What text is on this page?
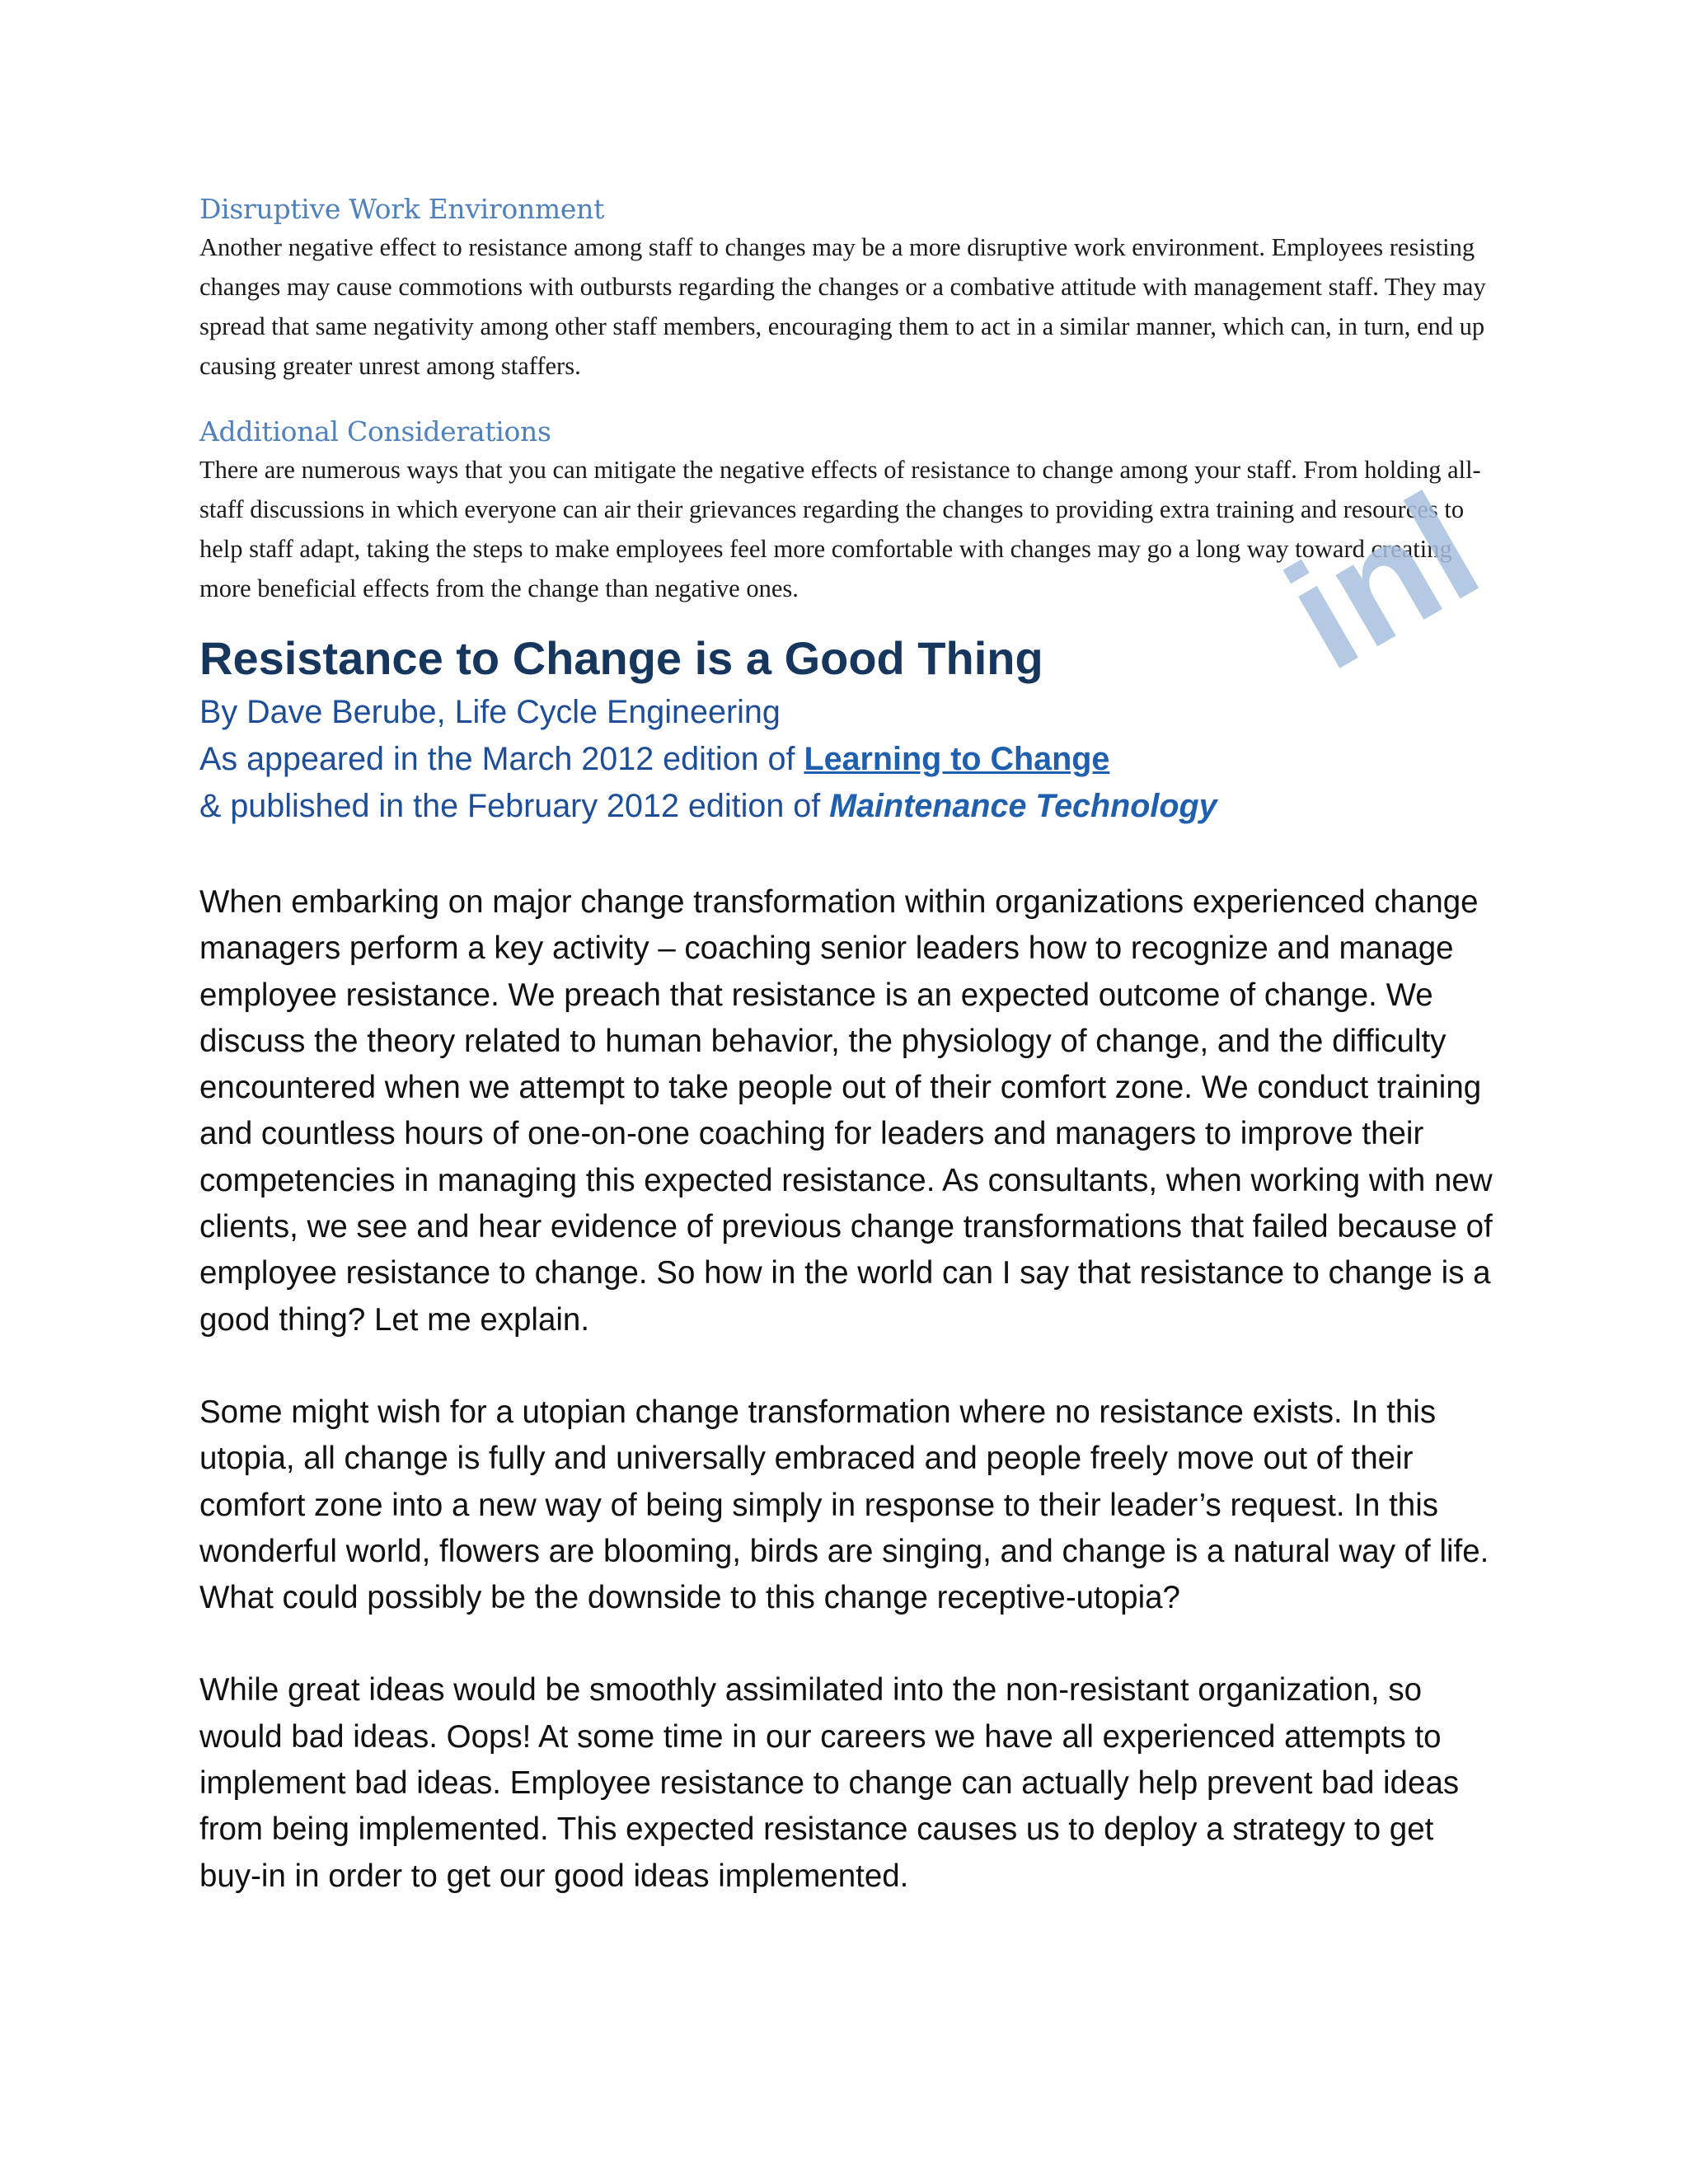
Disruptive Work Environment

Another negative effect to resistance among staff to changes may be a more disruptive work environment. Employees resisting changes may cause commotions with outbursts regarding the changes or a combative attitude with management staff. They may spread that same negativity among other staff members, encouraging them to act in a similar manner, which can, in turn, end up causing greater unrest among staffers.

Additional Considerations

There are numerous ways that you can mitigate the negative effects of resistance to change among your staff. From holding all-staff discussions in which everyone can air their grievances regarding the changes to providing extra training and resources to help staff adapt, taking the steps to make employees feel more comfortable with changes may go a long way toward creating more beneficial effects from the change than negative ones.

Resistance to Change is a Good Thing

By Dave Berube, Life Cycle Engineering

As appeared in the March 2012 edition of Learning to Change

& published in the February 2012 edition of Maintenance Technology

When embarking on major change transformation within organizations experienced change managers perform a key activity – coaching senior leaders how to recognize and manage employee resistance. We preach that resistance is an expected outcome of change. We discuss the theory related to human behavior, the physiology of change, and the difficulty encountered when we attempt to take people out of their comfort zone. We conduct training and countless hours of one-on-one coaching for leaders and managers to improve their competencies in managing this expected resistance. As consultants, when working with new clients, we see and hear evidence of previous change transformations that failed because of employee resistance to change. So how in the world can I say that resistance to change is a good thing? Let me explain.

Some might wish for a utopian change transformation where no resistance exists. In this utopia, all change is fully and universally embraced and people freely move out of their comfort zone into a new way of being simply in response to their leader’s request. In this wonderful world, flowers are blooming, birds are singing, and change is a natural way of life. What could possibly be the downside to this change receptive-utopia?

While great ideas would be smoothly assimilated into the non-resistant organization, so would bad ideas. Oops! At some time in our careers we have all experienced attempts to implement bad ideas. Employee resistance to change can actually help prevent bad ideas from being implemented. This expected resistance causes us to deploy a strategy to get buy-in in order to get our good ideas implemented.

inl
